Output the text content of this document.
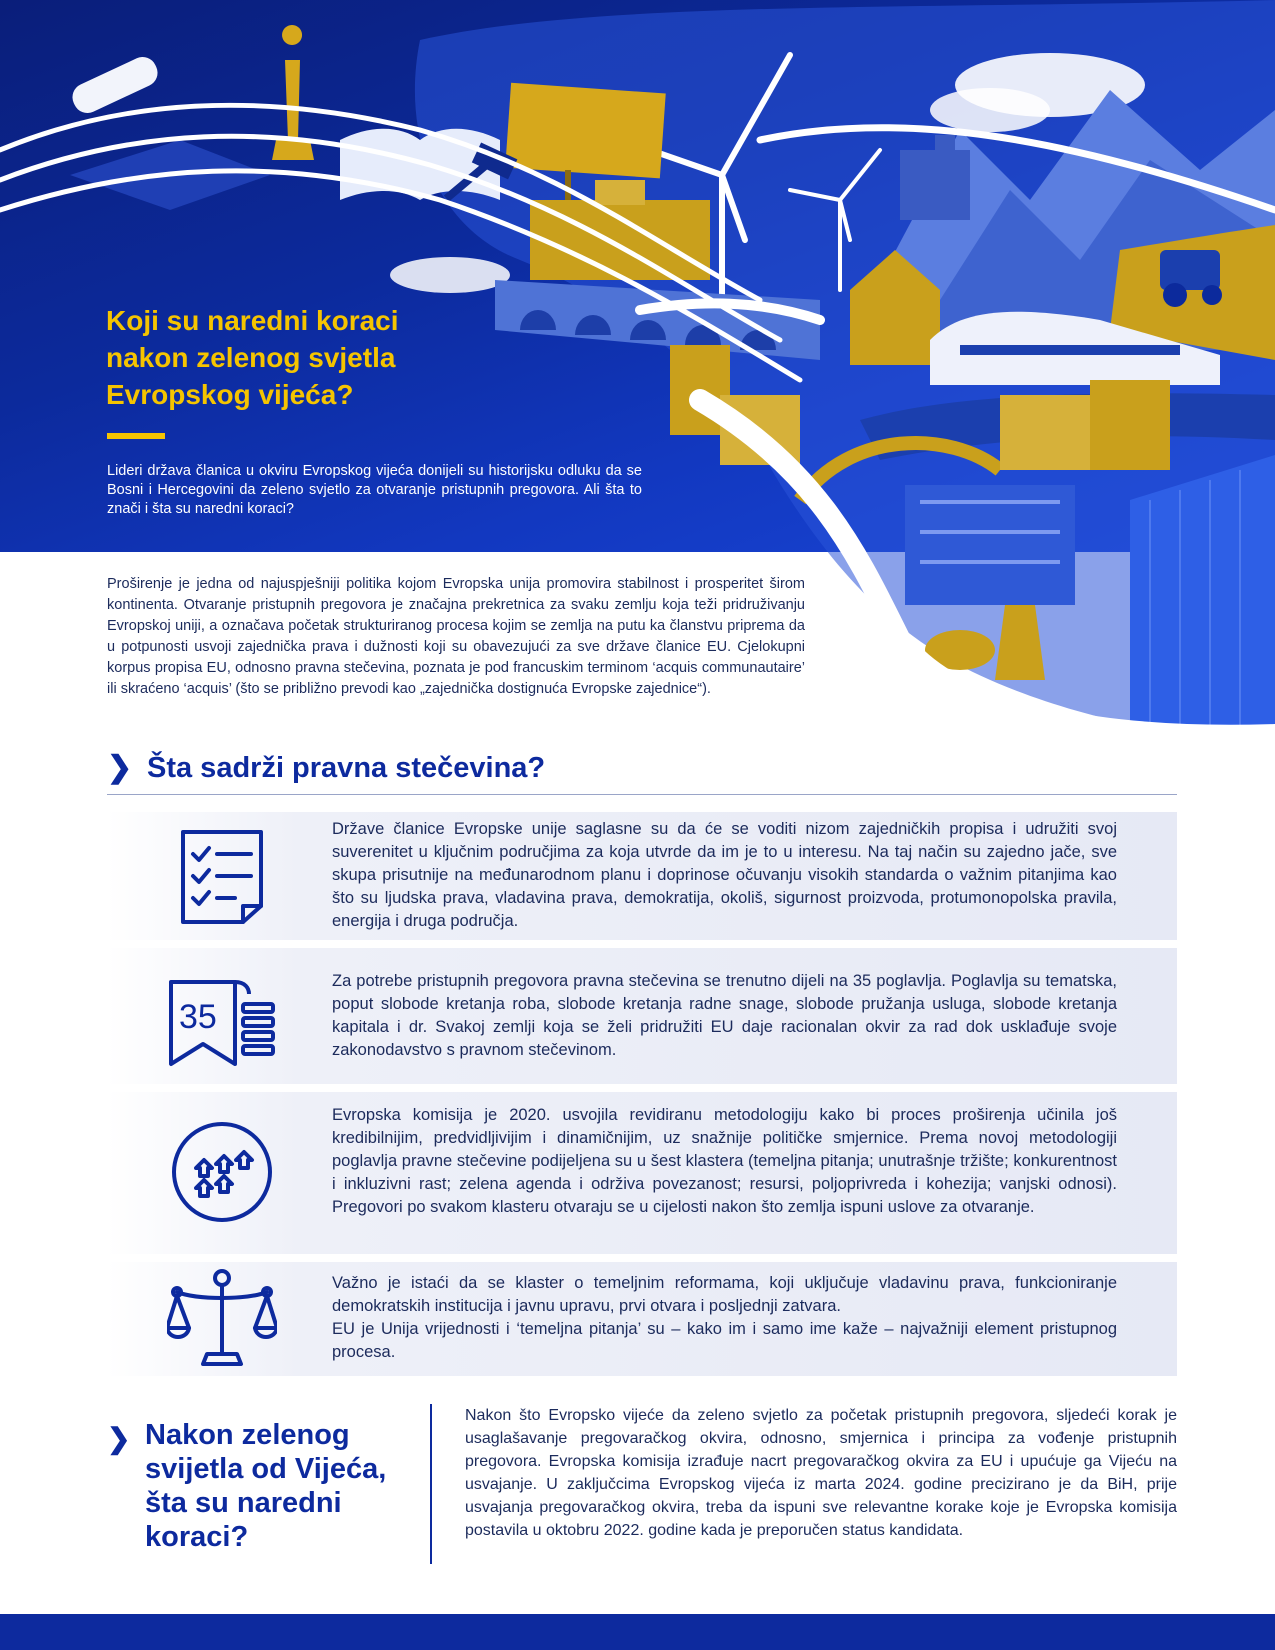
Koji su naredni koraci nakon zelenog svjetla Evropskog vijeća?
Lideri država članica u okviru Evropskog vijeća donijeli su historijsku odluku da se Bosni i Hercegovini da zeleno svjetlo za otvaranje pristupnih pregovora. Ali šta to znači i šta su naredni koraci?
Proširenje je jedna od najuspješniji politika kojom Evropska unija promovira stabilnost i prosperitet širom kontinenta. Otvaranje pristupnih pregovora je značajna prekretnica za svaku zemlju koja teži pridruživanju Evropskoj uniji, a označava početak strukturiranog procesa kojim se zemlja na putu ka članstvu priprema da u potpunosti usvoji zajednička prava i dužnosti koji su obavezujući za sve države članice EU. Cjelokupni korpus propisa EU, odnosno pravna stečevina, poznata je pod francuskim terminom ‘acquis communautaire’ ili skraćeno ‘acquis’ (što se približno prevodi kao „zajednička dostignuća Evropske zajednice“).
❯ Šta sadrži pravna stečevina?
Države članice Evropske unije saglasne su da će se voditi nizom zajedničkih propisa i udružiti svoj suverenitet u ključnim područjima za koja utvrde da im je to u interesu. Na taj način su zajedno jače, sve skupa prisutnije na međunarodnom planu i doprinose očuvanju visokih standarda o važnim pitanjima kao što su ljudska prava, vladavina prava, demokratija, okoliš, sigurnost proizvoda, protumonopolska pravila, energija i druga područja.
35
Za potrebe pristupnih pregovora pravna stečevina se trenutno dijeli na 35 poglavlja. Poglavlja su tematska, poput slobode kretanja roba, slobode kretanja radne snage, slobode pružanja usluga, slobode kretanja kapitala i dr. Svakoj zemlji koja se želi pridružiti EU daje racionalan okvir za rad dok usklađuje svoje zakonodavstvo s pravnom stečevinom.
Evropska komisija je 2020. usvojila revidiranu metodologiju kako bi proces proširenja učinila još kredibilnijim, predvidljivijim i dinamičnijim, uz snažnije političke smjernice. Prema novoj metodologiji poglavlja pravne stečevine podijeljena su u šest klastera (temeljna pitanja; unutrašnje tržište; konkurentnost i inkluzivni rast; zelena agenda i održiva povezanost; resursi, poljoprivreda i kohezija; vanjski odnosi). Pregovori po svakom klasteru otvaraju se u cijelosti nakon što zemlja ispuni uslove za otvaranje.
Važno je istaći da se klaster o temeljnim reformama, koji uključuje vladavinu prava, funkcioniranje demokratskih institucija i javnu upravu, prvi otvara i posljednji zatvara.
EU je Unija vrijednosti i ‘temeljna pitanja’ su – kako im i samo ime kaže – najvažniji element pristupnog procesa.
❯ Nakon zelenog svijetla od Vijeća, šta su naredni koraci?
Nakon što Evropsko vijeće da zeleno svjetlo za početak pristupnih pregovora, sljedeći korak je usaglašavanje pregovaračkog okvira, odnosno, smjernica i principa za vođenje pristupnih pregovora. Evropska komisija izrađuje nacrt pregovaračkog okvira za EU i upućuje ga Vijeću na usvajanje. U zaključcima Evropskog vijeća iz marta 2024. godine precizirano je da BiH, prije usvajanja pregovaračkog okvira, treba da ispuni sve relevantne korake koje je Evropska komisija postavila u oktobru 2022. godine kada je preporučen status kandidata.
